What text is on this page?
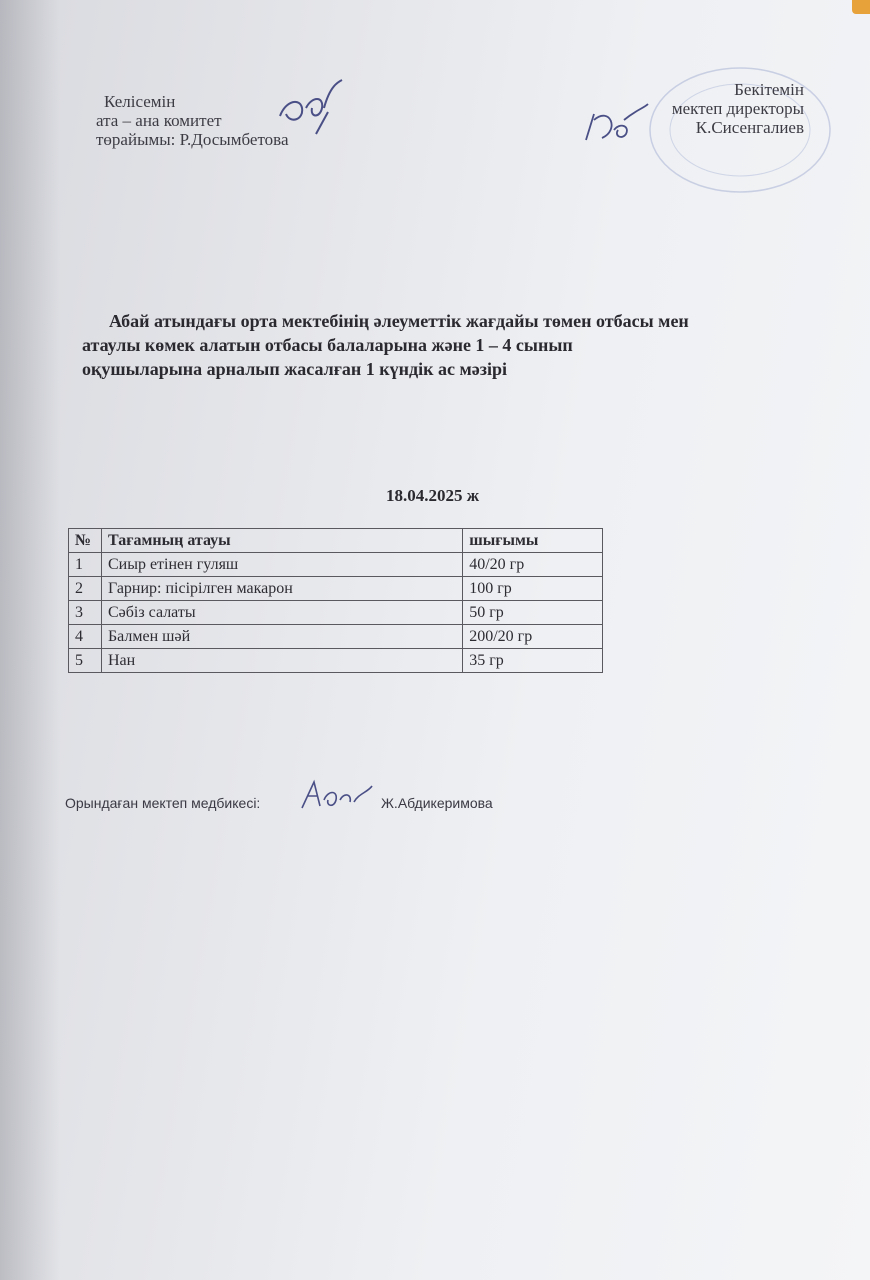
Келісемін
ата – ана комитет
төрайымы: Р.Досымбетова
Бекітемін
мектеп директоры
К.Сисенгалиев
Абай атындағы орта мектебінің әлеуметтік жағдайы төмен отбасы мен
атаулы көмек алатын отбасы балаларына және 1 – 4 сынып
оқушыларына арналып жасалған 1 күндік ас мәзірі
18.04.2025 ж
№	Тағамның атауы	шығымы
1	Сиыр етінен гуляш	40/20 гр
2	Гарнир: пісірілген макарон	100 гр
3	Сәбіз салаты	50 гр
4	Балмен шәй	200/20 гр
5	Нан	35 гр
Орындаған мектеп медбикесі:	Ж.Абдикеримова
